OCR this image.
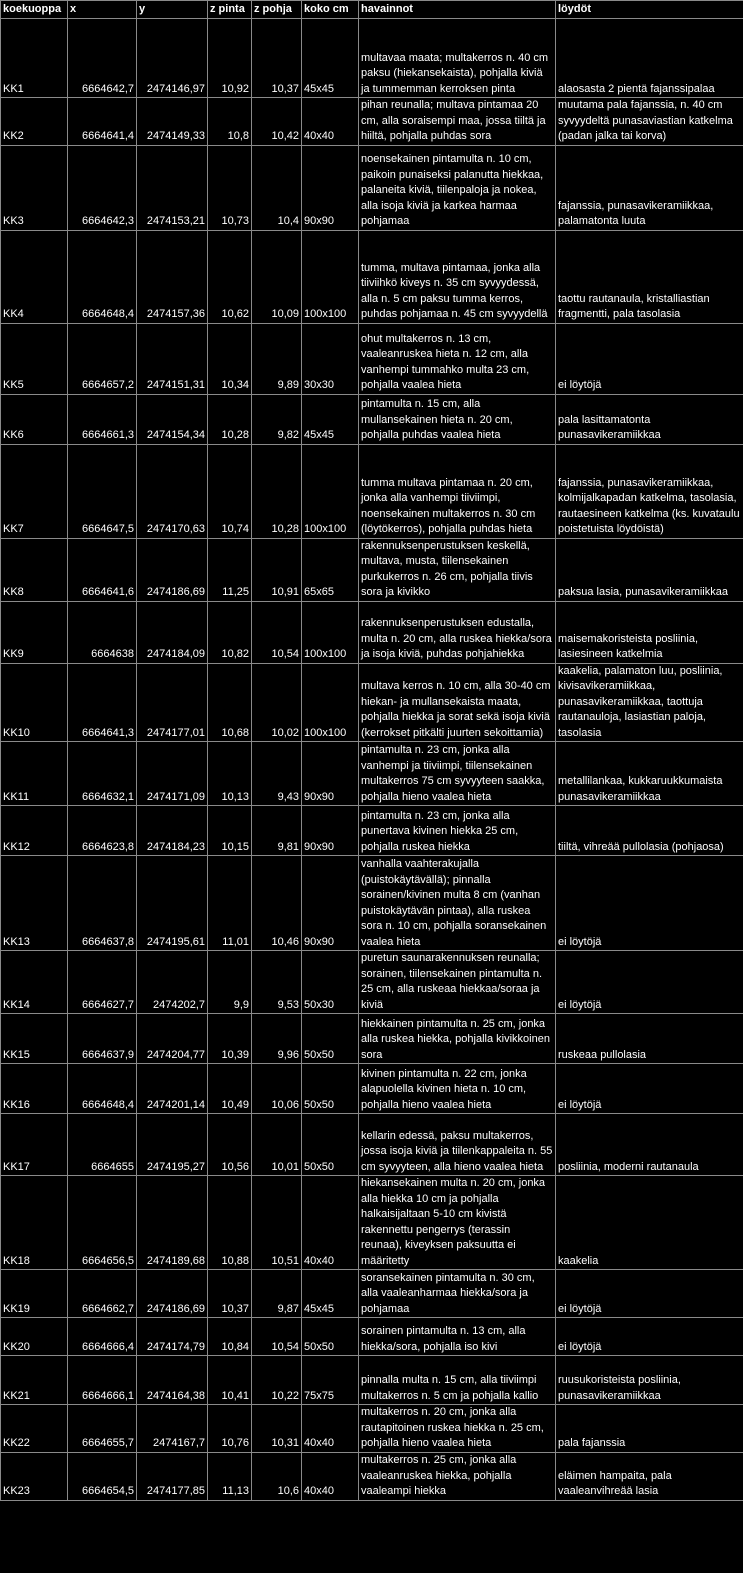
koekuoppa	x	y	z pinta	z pohja	koko cm	havainnot	löydöt
KK1	6664642,7	2474146,97	10,92	10,37	45x45	multavaa maata; multakerros n. 40 cm paksu (hiekansekaista), pohjalla kiviä ja tummemman kerroksen pinta	alaosasta 2 pientä fajanssipalaa
KK2	6664641,4	2474149,33	10,8	10,42	40x40	pihan reunalla; multava pintamaa 20 cm, alla soraisempi maa, jossa tiiltä ja hiiltä, pohjalla puhdas sora	muutama pala fajanssia, n. 40 cm syvyydeltä punasaviastian katkelma (padan jalka tai korva)
KK3	6664642,3	2474153,21	10,73	10,4	90x90	noensekainen pintamulta n. 10 cm, paikoin punaiseksi palanutta hiekkaa, palaneita kiviä, tiilenpaloja ja nokea, alla isoja kiviä ja karkea harmaa pohjamaa	fajanssia, punasavikeramiikkaa, palamatonta luuta
KK4	6664648,4	2474157,36	10,62	10,09	100x100	tumma, multava pintamaa, jonka alla tiiviihkö kiveys n. 35 cm syvyydessä, alla n. 5 cm paksu tumma kerros, puhdas pohjamaa n. 45 cm syvyydellä	taottu rautanaula, kristalliastian fragmentti, pala tasolasia
KK5	6664657,2	2474151,31	10,34	9,89	30x30	ohut multakerros n. 13 cm, vaaleanruskea hieta n. 12 cm, alla vanhempi tummahko multa 23 cm, pohjalla vaalea hieta	ei löytöjä
KK6	6664661,3	2474154,34	10,28	9,82	45x45	pintamulta n. 15 cm, alla mullansekainen hieta n. 20 cm, pohjalla puhdas vaalea hieta	pala lasittamatonta punasavikeramiikkaa
KK7	6664647,5	2474170,63	10,74	10,28	100x100	tumma multava pintamaa n. 20 cm, jonka alla vanhempi tiiviimpi, noensekainen multakerros n. 30 cm (löytökerros), pohjalla puhdas hieta	fajanssia, punasavikeramiikkaa, kolmijalkapadan katkelma, tasolasia, rautaesineen katkelma (ks. kuvataulu poistetuista löydöistä)
KK8	6664641,6	2474186,69	11,25	10,91	65x65	rakennuksenperustuksen keskellä, multava, musta, tiilensekainen purkukerros n. 26 cm, pohjalla tiivis sora ja kivikko	paksua lasia, punasavikeramiikkaa
KK9	6664638	2474184,09	10,82	10,54	100x100	rakennuksenperustuksen edustalla, multa n. 20 cm, alla ruskea hiekka/sora ja isoja kiviä, puhdas pohjahiekka	maisemakoristeista posliinia, lasiesineen katkelmia
KK10	6664641,3	2474177,01	10,68	10,02	100x100	multava kerros n. 10 cm, alla 30-40 cm hiekan- ja mullansekaista maata, pohjalla hiekka ja sorat sekä isoja kiviä (kerrokset pitkälti juurten sekoittamia)	kaakelia, palamaton luu, posliinia, kivisavikeramiikkaa, punasavikeramiikkaa, taottuja rautanauloja, lasiastian paloja, tasolasia
KK11	6664632,1	2474171,09	10,13	9,43	90x90	pintamulta n. 23 cm, jonka alla vanhempi ja tiiviimpi, tiilensekainen multakerros 75 cm syvyyteen saakka, pohjalla hieno vaalea hieta	metallilankaa, kukkaruukkumaista punasavikeramiikkaa
KK12	6664623,8	2474184,23	10,15	9,81	90x90	pintamulta n. 23 cm, jonka alla punertava kivinen hiekka 25 cm, pohjalla ruskea hiekka	tiiltä, vihreää pullolasia (pohjaosa)
KK13	6664637,8	2474195,61	11,01	10,46	90x90	vanhalla vaahterakujalla (puistokäytävällä); pinnalla sorainen/kivinen multa 8 cm (vanhan puistokäytävän pintaa), alla ruskea sora n. 10 cm, pohjalla soransekainen vaalea hieta	ei löytöjä
KK14	6664627,7	2474202,7	9,9	9,53	50x30	puretun saunarakennuksen reunalla; sorainen, tiilensekainen pintamulta n. 25 cm, alla ruskeaa hiekkaa/soraa ja kiviä	ei löytöjä
KK15	6664637,9	2474204,77	10,39	9,96	50x50	hiekkainen pintamulta n. 25 cm, jonka alla ruskea hiekka, pohjalla kivikkoinen sora	ruskeaa pullolasia
KK16	6664648,4	2474201,14	10,49	10,06	50x50	kivinen pintamulta n. 22 cm, jonka alapuolella kivinen hieta n. 10 cm, pohjalla hieno vaalea hieta	ei löytöjä
KK17	6664655	2474195,27	10,56	10,01	50x50	kellarin edessä, paksu multakerros, jossa isoja kiviä ja tiilenkappaleita n. 55 cm syvyyteen, alla hieno vaalea hieta	posliinia, moderni rautanaula
KK18	6664656,5	2474189,68	10,88	10,51	40x40	hiekansekainen multa n. 20 cm, jonka alla hiekka 10 cm ja pohjalla halkaisijaltaan 5-10 cm kivistä rakennettu pengerrys (terassin reunaa), kiveyksen paksuutta ei määritetty	kaakelia
KK19	6664662,7	2474186,69	10,37	9,87	45x45	soransekainen pintamulta n. 30 cm, alla vaaleanharmaa hiekka/sora ja pohjamaa	ei löytöjä
KK20	6664666,4	2474174,79	10,84	10,54	50x50	sorainen pintamulta n. 13 cm, alla hiekka/sora, pohjalla iso kivi	ei löytöjä
KK21	6664666,1	2474164,38	10,41	10,22	75x75	pinnalla multa n. 15 cm, alla tiiviimpi multakerros n. 5 cm ja pohjalla kallio	ruusukoristeista posliinia, punasavikeramiikkaa
KK22	6664655,7	2474167,7	10,76	10,31	40x40	multakerros n. 20 cm, jonka alla rautapitoinen ruskea hiekka n. 25 cm, pohjalla hieno vaalea hieta	pala fajanssia
KK23	6664654,5	2474177,85	11,13	10,6	40x40	multakerros n. 25 cm, jonka alla vaaleanruskea hiekka, pohjalla vaaleampi hiekka	eläimen hampaita, pala vaaleanvihreää lasia
